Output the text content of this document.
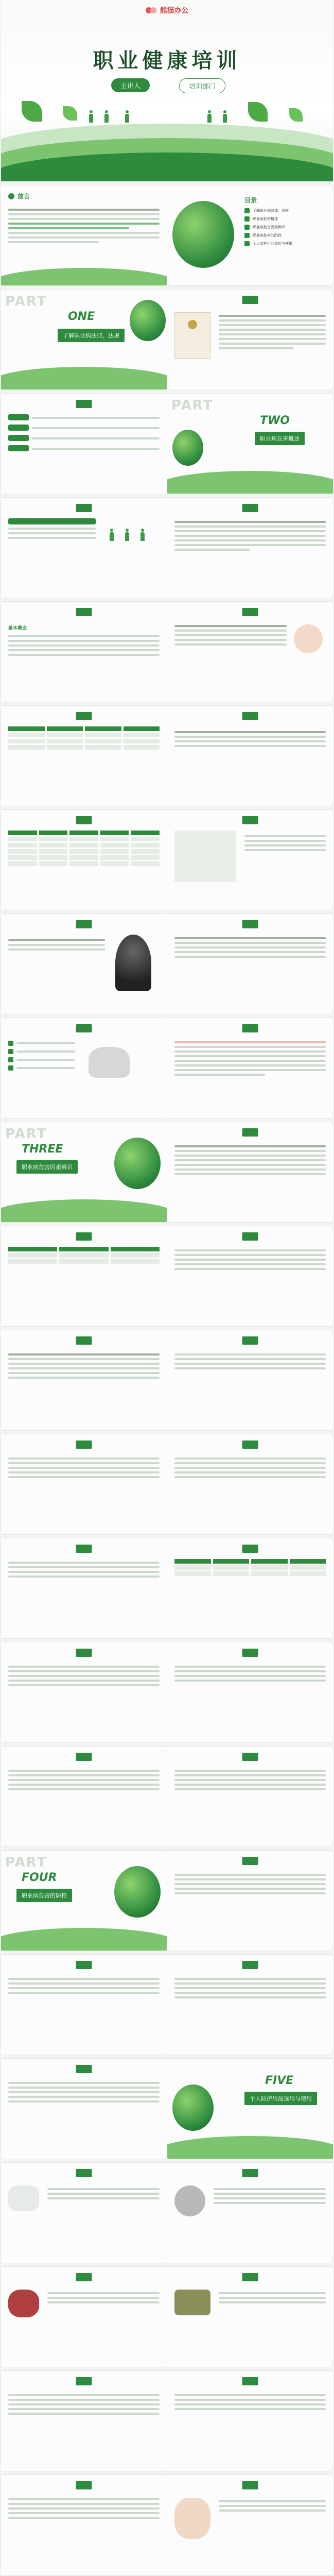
熊猫办公
职业健康培训
主讲人	培训部门
前言
目录
了解职业病法律、法规
职业病危害概述
职业病危害因素辨识
职业病危害的防控
个人防护用品选用与使用
PART
ONE
了解职业病法律、法规

PART
TWO
职业病危害概述

基本概念

PART
THREE
职业病危害因素辨识

PART
FOUR
职业病危害的防控

FIVE
个人防护用品选用与使用
